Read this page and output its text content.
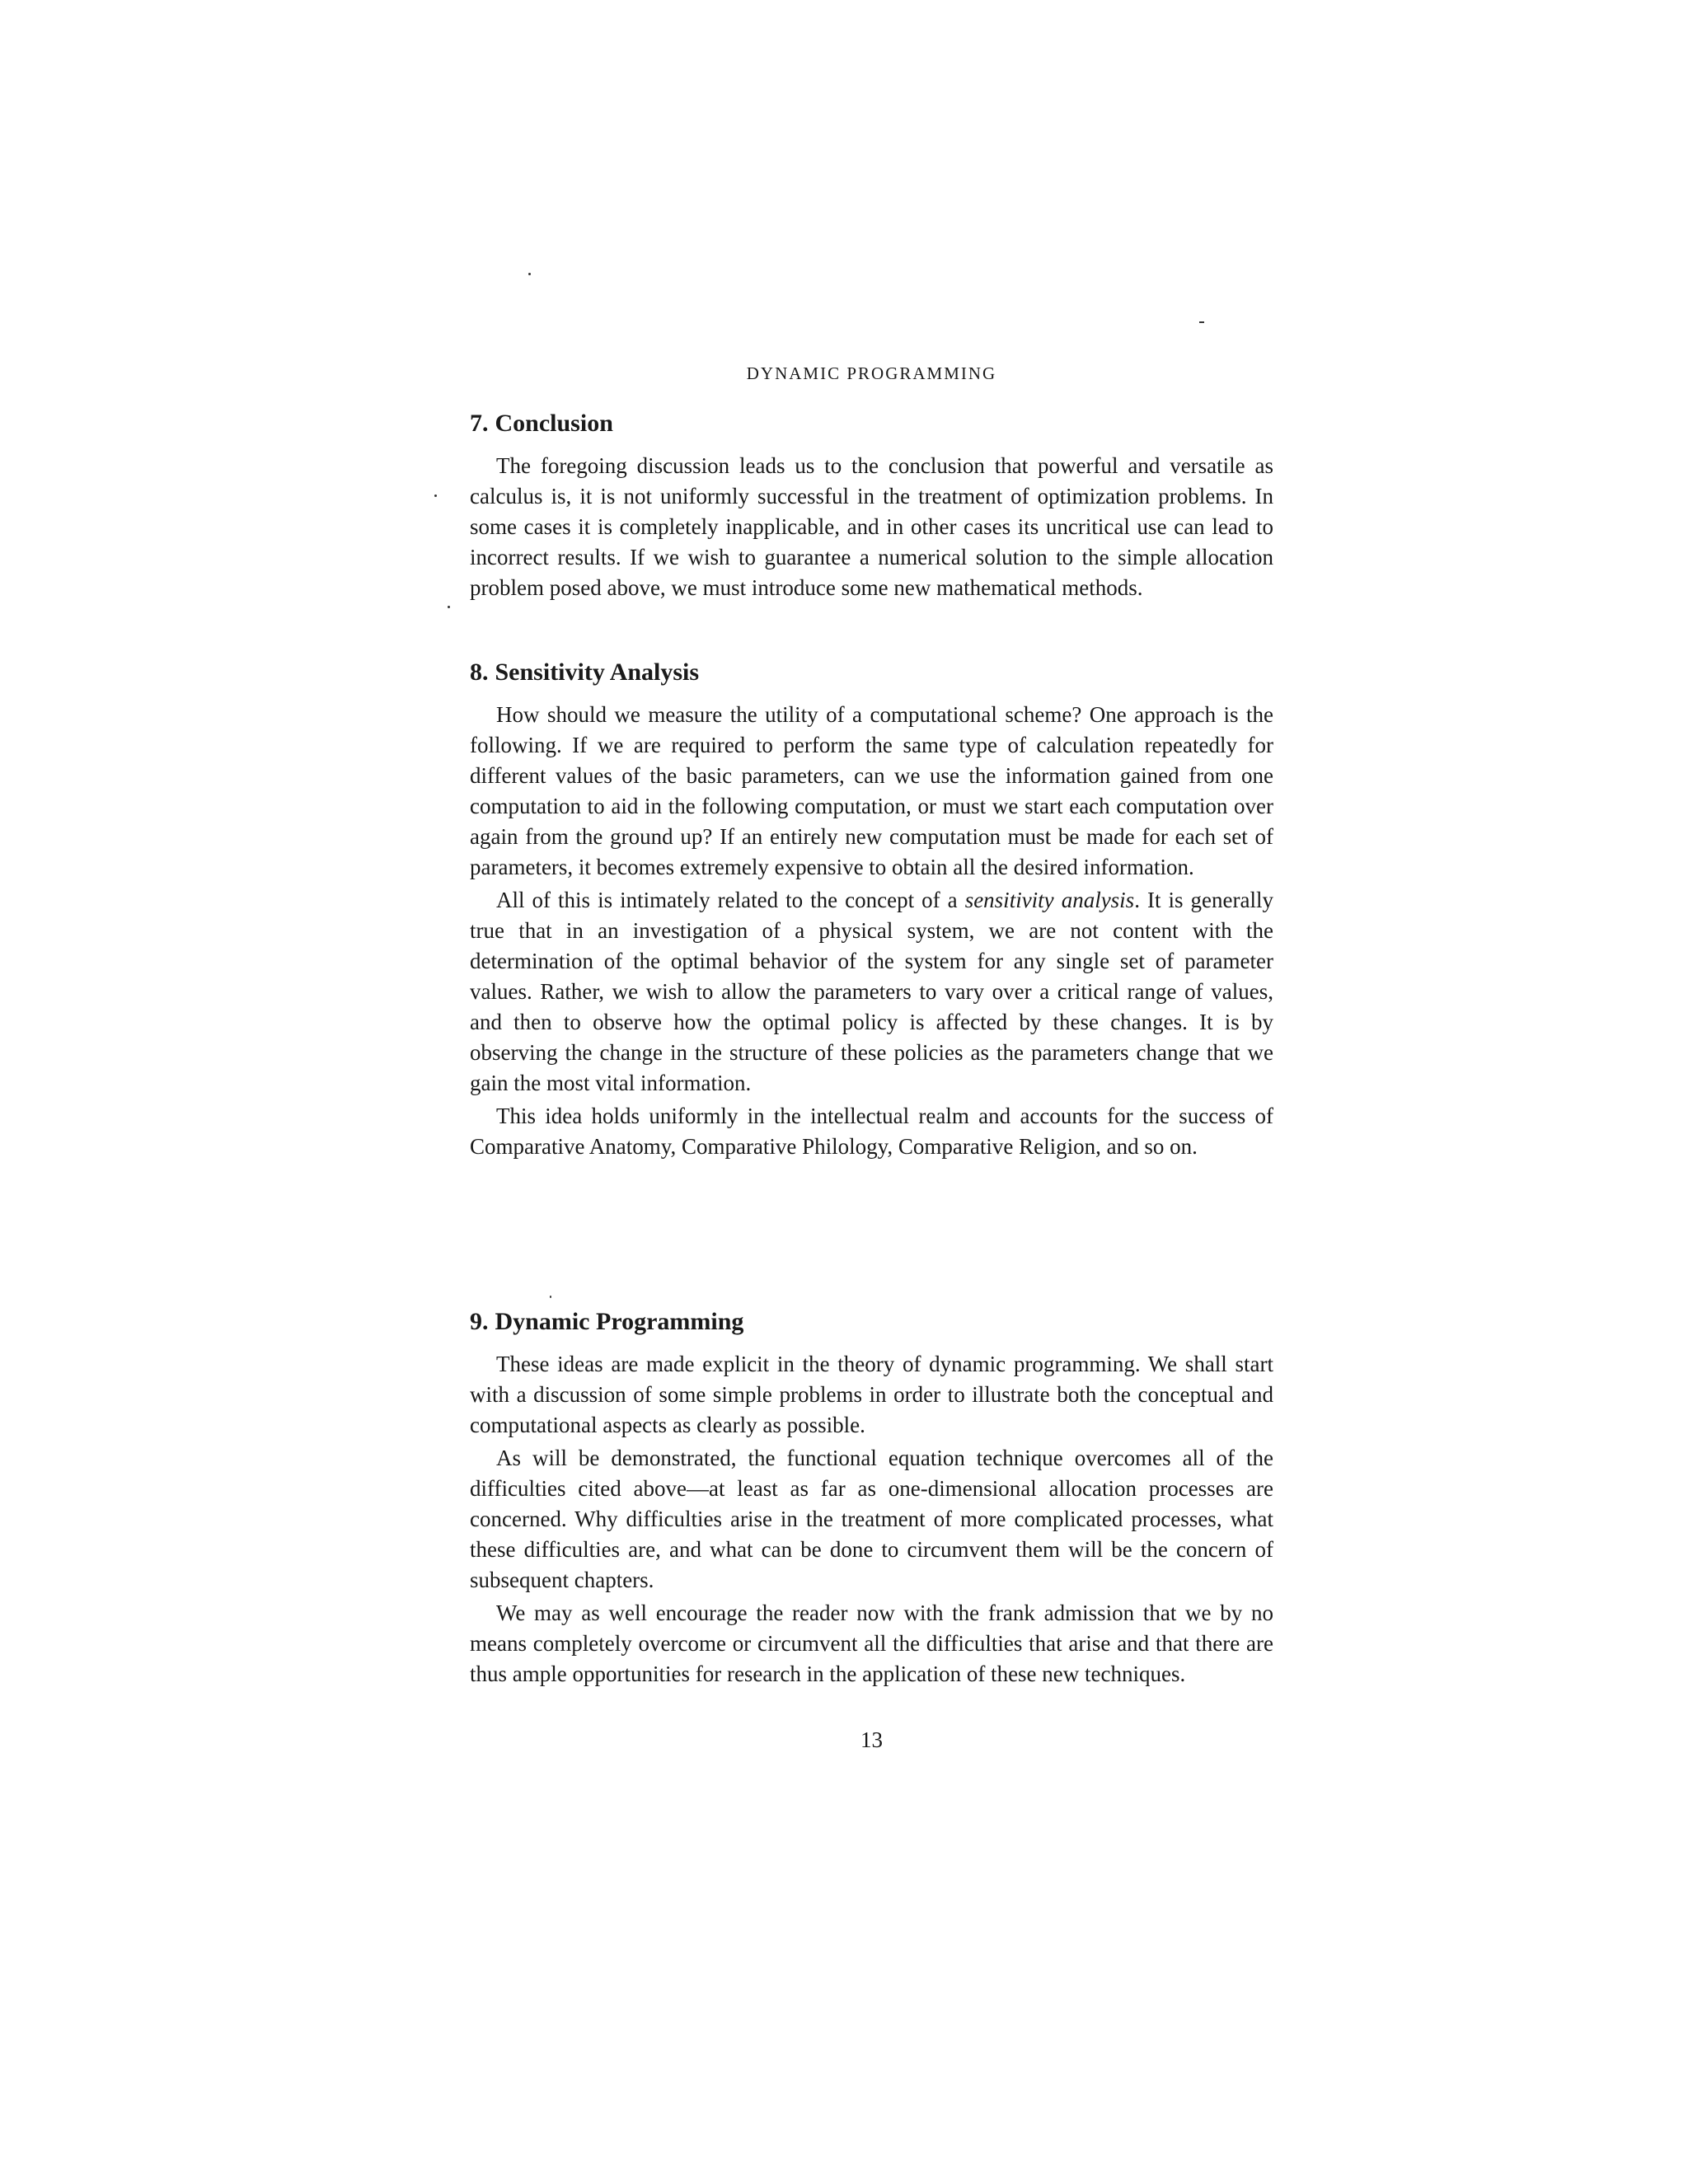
DYNAMIC PROGRAMMING
7. Conclusion

The foregoing discussion leads us to the conclusion that powerful and versatile as calculus is, it is not uniformly successful in the treatment of optimization problems. In some cases it is completely inapplicable, and in other cases its uncritical use can lead to incorrect results. If we wish to guarantee a numerical solution to the simple allocation problem posed above, we must introduce some new mathematical methods.

8. Sensitivity Analysis

How should we measure the utility of a computational scheme? One approach is the following. If we are required to perform the same type of calculation repeatedly for different values of the basic parameters, can we use the information gained from one computation to aid in the following computation, or must we start each computation over again from the ground up? If an entirely new computation must be made for each set of parameters, it becomes extremely expensive to obtain all the desired information.

All of this is intimately related to the concept of a sensitivity analysis. It is generally true that in an investigation of a physical system, we are not content with the determination of the optimal behavior of the system for any single set of parameter values. Rather, we wish to allow the parameters to vary over a critical range of values, and then to observe how the optimal policy is affected by these changes. It is by observing the change in the structure of these policies as the parameters change that we gain the most vital information.

This idea holds uniformly in the intellectual realm and accounts for the success of Comparative Anatomy, Comparative Philology, Comparative Religion, and so on.

9. Dynamic Programming

These ideas are made explicit in the theory of dynamic programming. We shall start with a discussion of some simple problems in order to illustrate both the conceptual and computational aspects as clearly as possible.

As will be demonstrated, the functional equation technique overcomes all of the difficulties cited above—at least as far as one-dimensional allocation processes are concerned. Why difficulties arise in the treatment of more complicated processes, what these difficulties are, and what can be done to circumvent them will be the concern of subsequent chapters.

We may as well encourage the reader now with the frank admission that we by no means completely overcome or circumvent all the difficulties that arise and that there are thus ample opportunities for research in the application of these new techniques.

13
